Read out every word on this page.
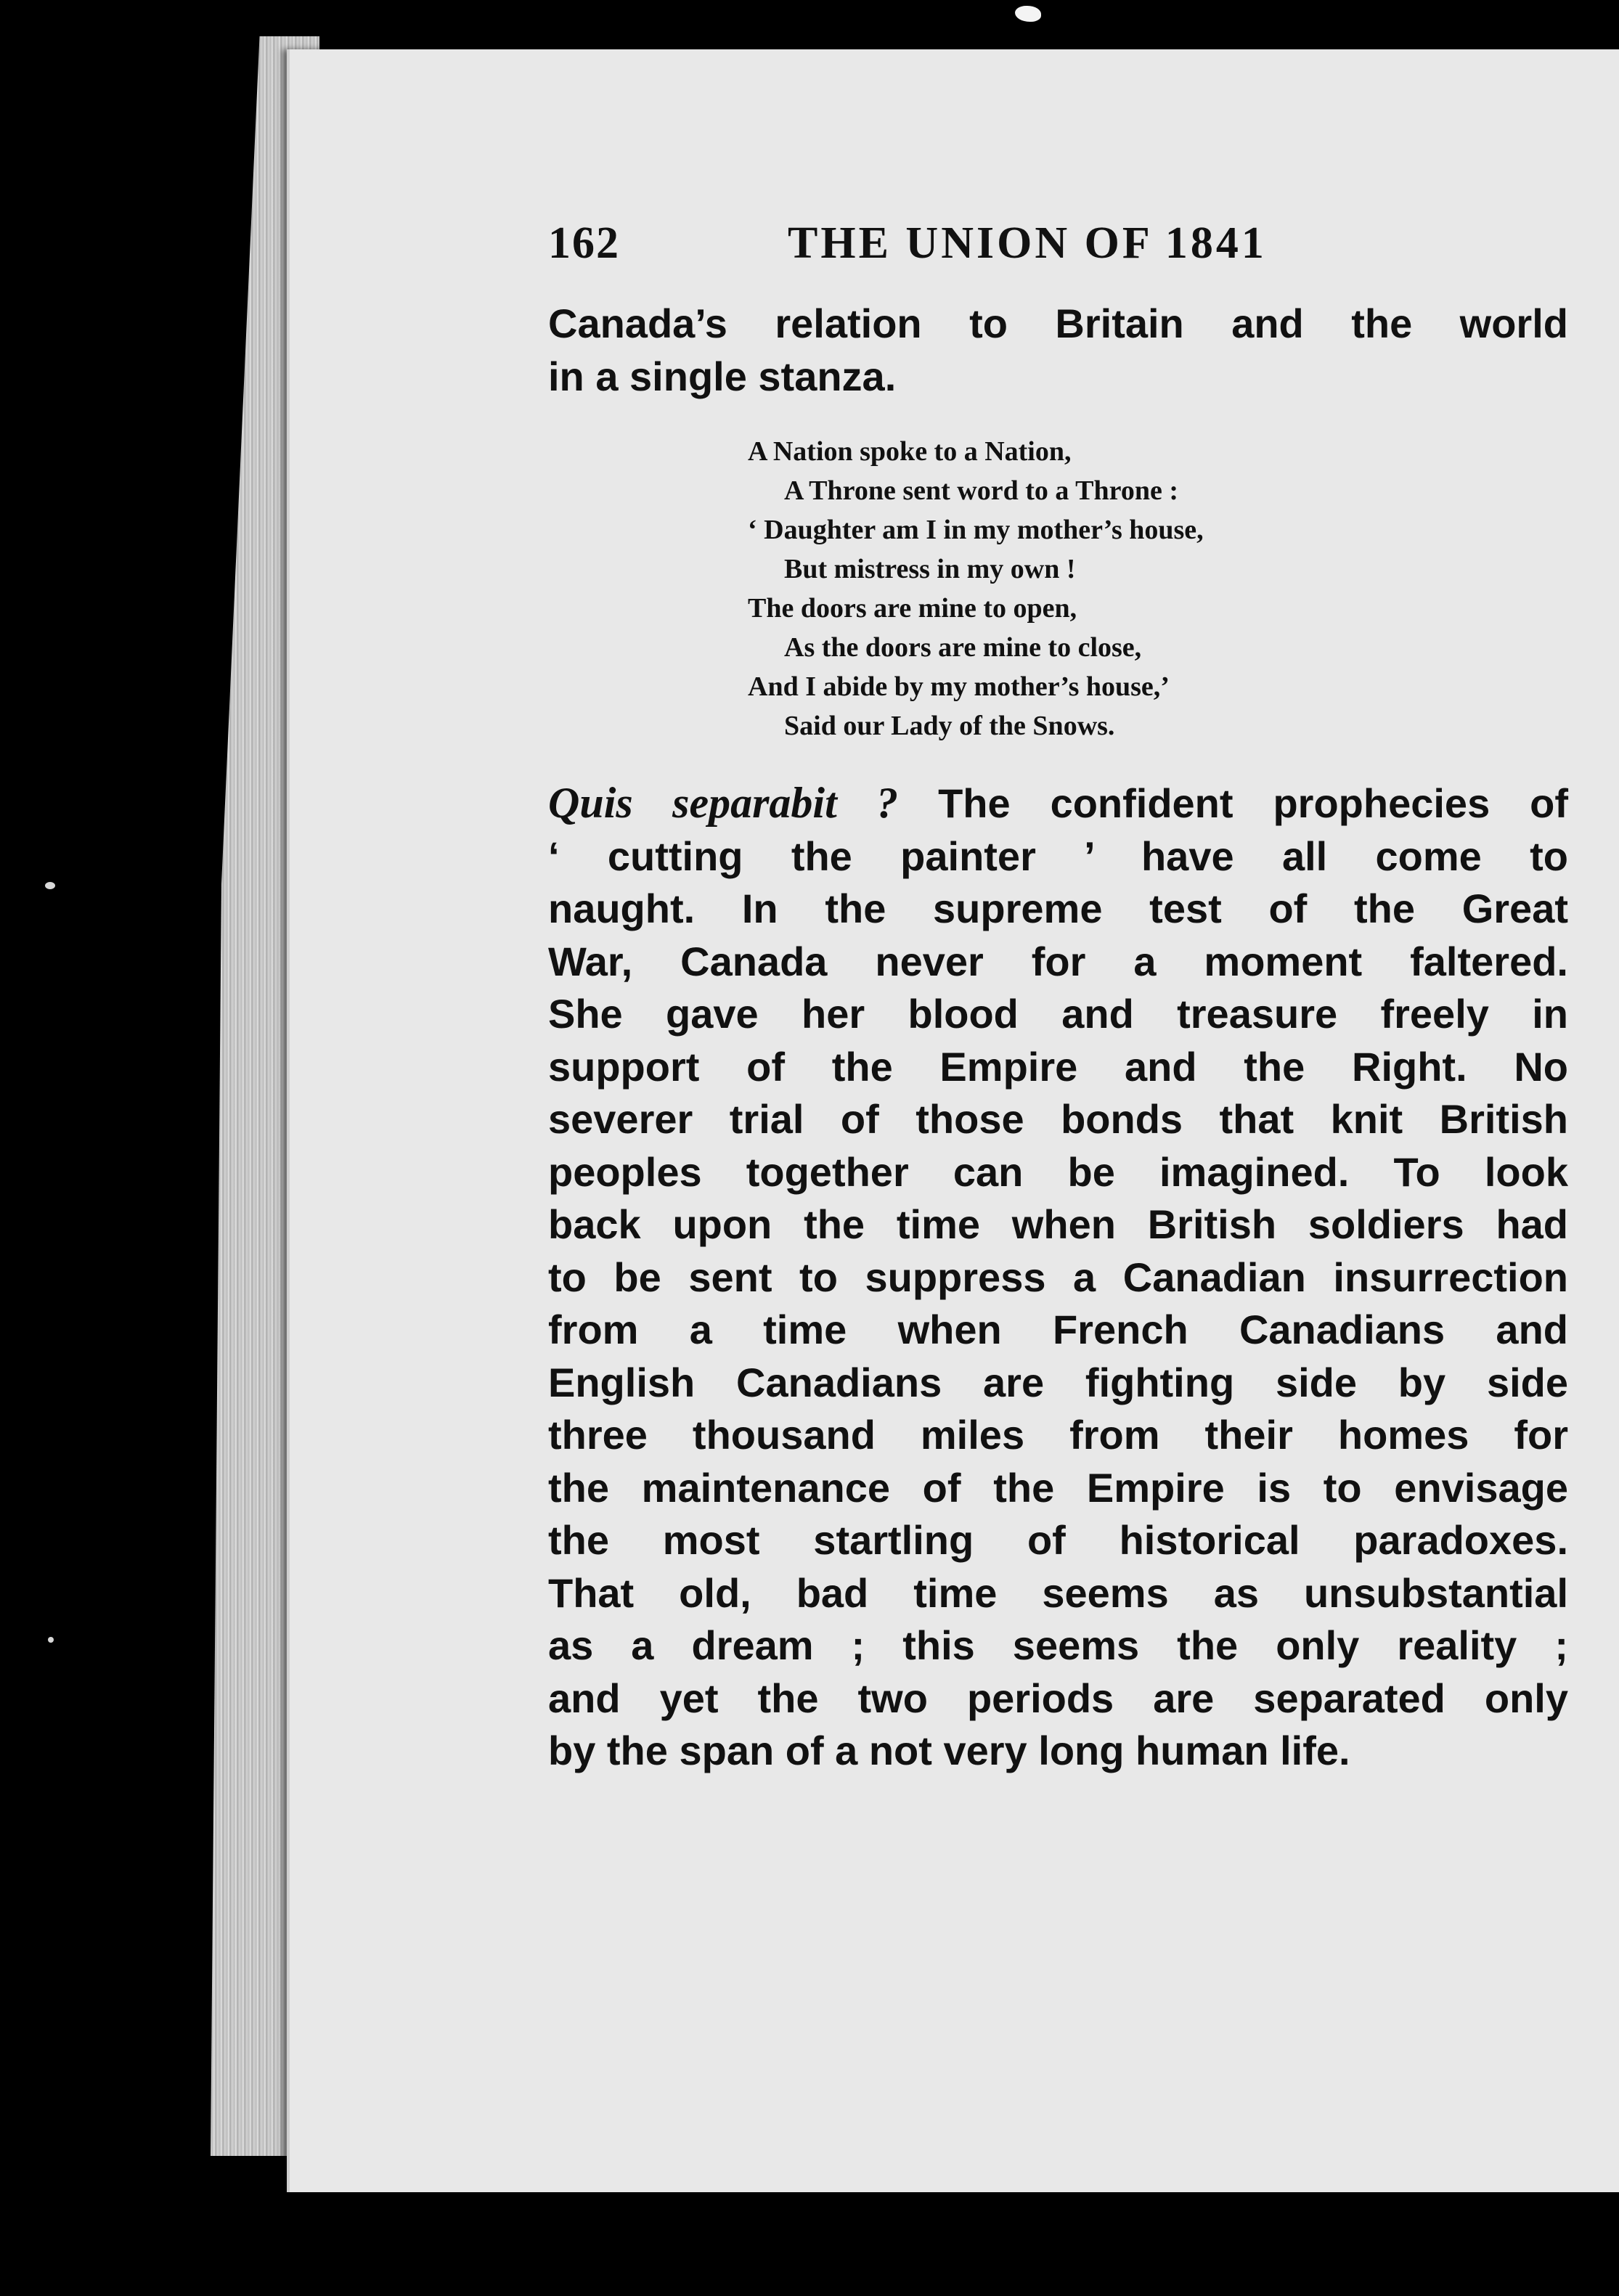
162	THE UNION OF 1841
Canada’s relation to Britain and the world
in a single stanza.
A Nation spoke to a Nation,
A Throne sent word to a Throne :
‘ Daughter am I in my mother’s house,
But mistress in my own !
The doors are mine to open,
As the doors are mine to close,
And I abide by my mother’s house,’
Said our Lady of the Snows.
Quis separabit ? The confident prophecies of
‘ cutting the painter ’ have all come to
naught. In the supreme test of the Great
War, Canada never for a moment faltered.
She gave her blood and treasure freely in
support of the Empire and the Right. No
severer trial of those bonds that knit British
peoples together can be imagined. To look
back upon the time when British soldiers had
to be sent to suppress a Canadian insurrection
from a time when French Canadians and
English Canadians are fighting side by side
three thousand miles from their homes for
the maintenance of the Empire is to envisage
the most startling of historical paradoxes.
That old, bad time seems as unsubstantial
as a dream ; this seems the only reality ;
and yet the two periods are separated only
by the span of a not very long human life.
